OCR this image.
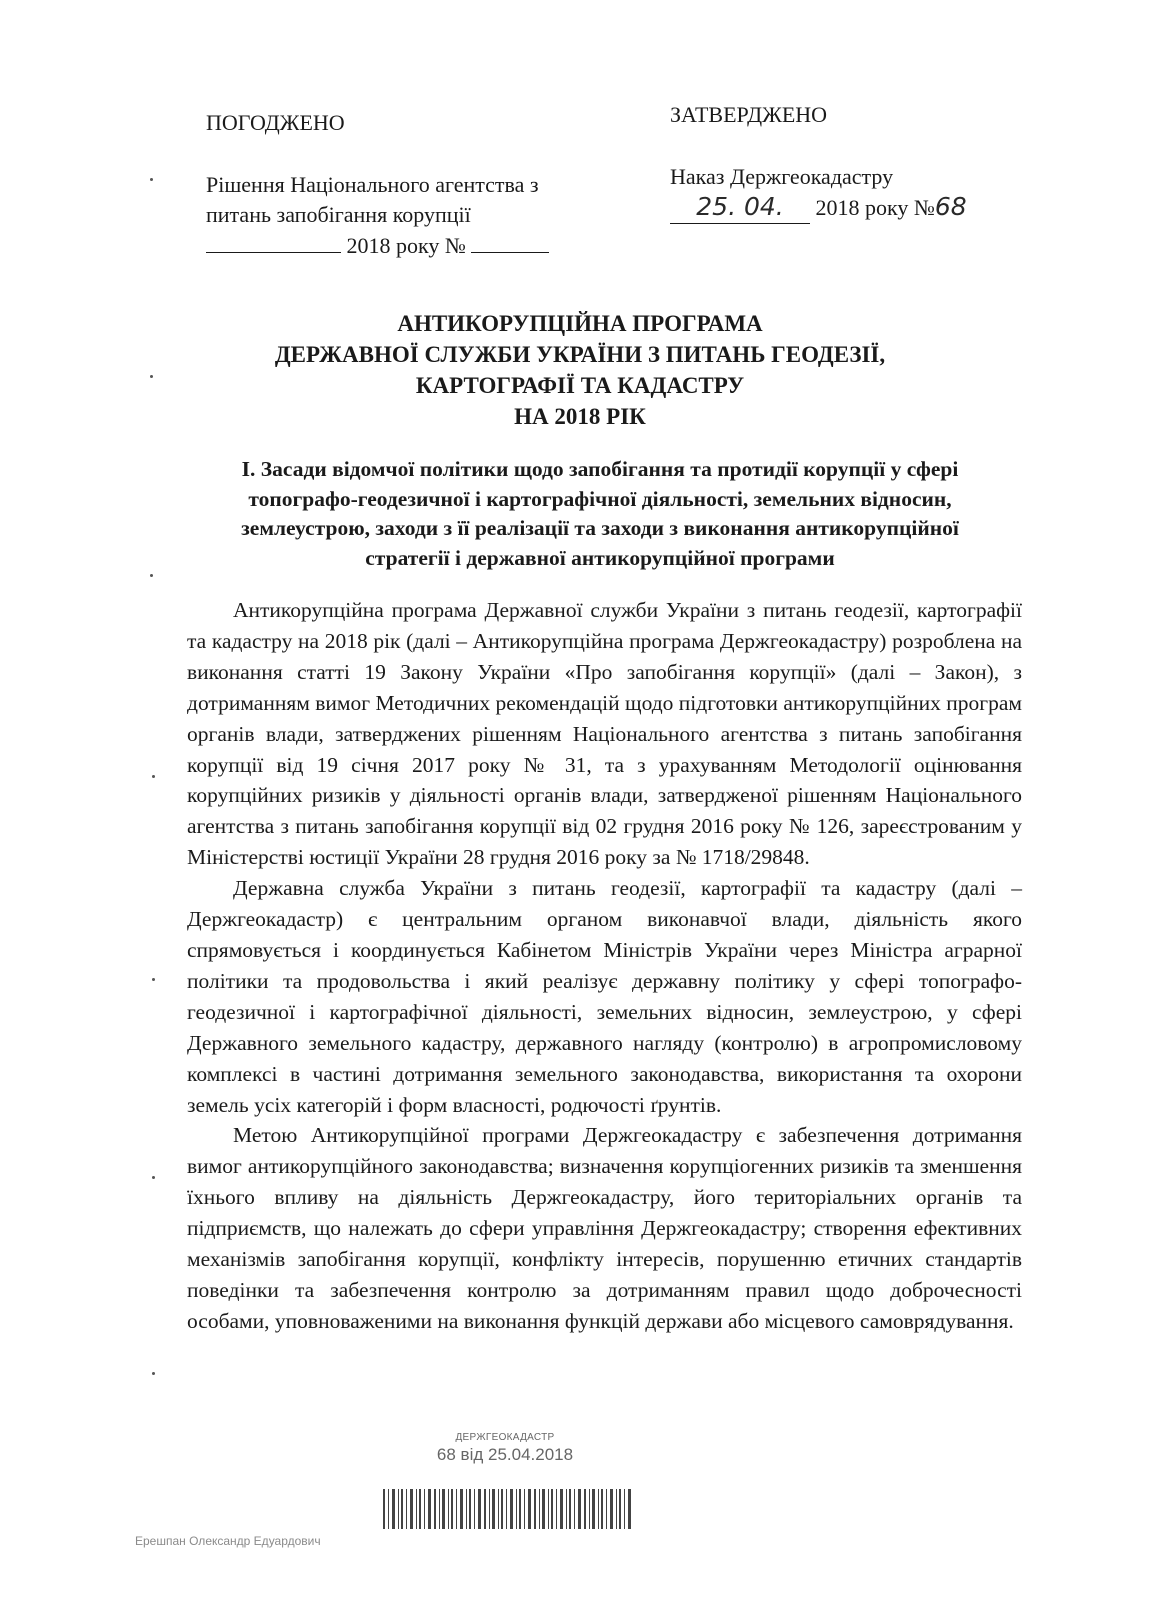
ПОГОДЖЕНО
Рішення Національного агентства з
питань запобігання корупції
2018 року №
ЗАТВЕРДЖЕНО
Наказ Держгеокадастру
25. 04. 2018 року №68
АНТИКОРУПЦІЙНА ПРОГРАМА
ДЕРЖАВНОЇ СЛУЖБИ УКРАЇНИ З ПИТАНЬ ГЕОДЕЗІЇ,
КАРТОГРАФІЇ ТА КАДАСТРУ
НА 2018 РІК
І. Засади відомчої політики щодо запобігання та протидії корупції у сфері
топографо-геодезичної і картографічної діяльності, земельних відносин,
землеустрою, заходи з її реалізації та заходи з виконання антикорупційної
стратегії і державної антикорупційної програми

Антикорупційна програма Державної служби України з питань геодезії, картографії та кадастру на 2018 рік (далі – Антикорупційна програма Держгеокадастру) розроблена на виконання статті 19 Закону України «Про запобігання корупції» (далі – Закон), з дотриманням вимог Методичних рекомендацій щодо підготовки антикорупційних програм органів влади, затверджених рішенням Національного агентства з питань запобігання корупції від 19 січня 2017 року № 31, та з урахуванням Методології оцінювання корупційних ризиків у діяльності органів влади, затвердженої рішенням Національного агентства з питань запобігання корупції від 02 грудня 2016 року № 126, зареєстрованим у Міністерстві юстиції України 28 грудня 2016 року за № 1718/29848.

Державна служба України з питань геодезії, картографії та кадастру (далі – Держгеокадастр) є центральним органом виконавчої влади, діяльність якого спрямовується і координується Кабінетом Міністрів України через Міністра аграрної політики та продовольства і який реалізує державну політику у сфері топографо-геодезичної і картографічної діяльності, земельних відносин, землеустрою, у сфері Державного земельного кадастру, державного нагляду (контролю) в агропромисловому комплексі в частині дотримання земельного законодавства, використання та охорони земель усіх категорій і форм власності, родючості ґрунтів.

Метою Антикорупційної програми Держгеокадастру є забезпечення дотримання вимог антикорупційного законодавства; визначення корупціогенних ризиків та зменшення їхнього впливу на діяльність Держгеокадастру, його територіальних органів та підприємств, що належать до сфери управління Держгеокадастру; створення ефективних механізмів запобігання корупції, конфлікту інтересів, порушенню етичних стандартів поведінки та забезпечення контролю за дотриманням правил щодо доброчесності особами, уповноваженими на виконання функцій держави або місцевого самоврядування.

ДЕРЖГЕОКАДАСТР
68 від 25.04.2018
Ерешпан Олександр Едуардович
